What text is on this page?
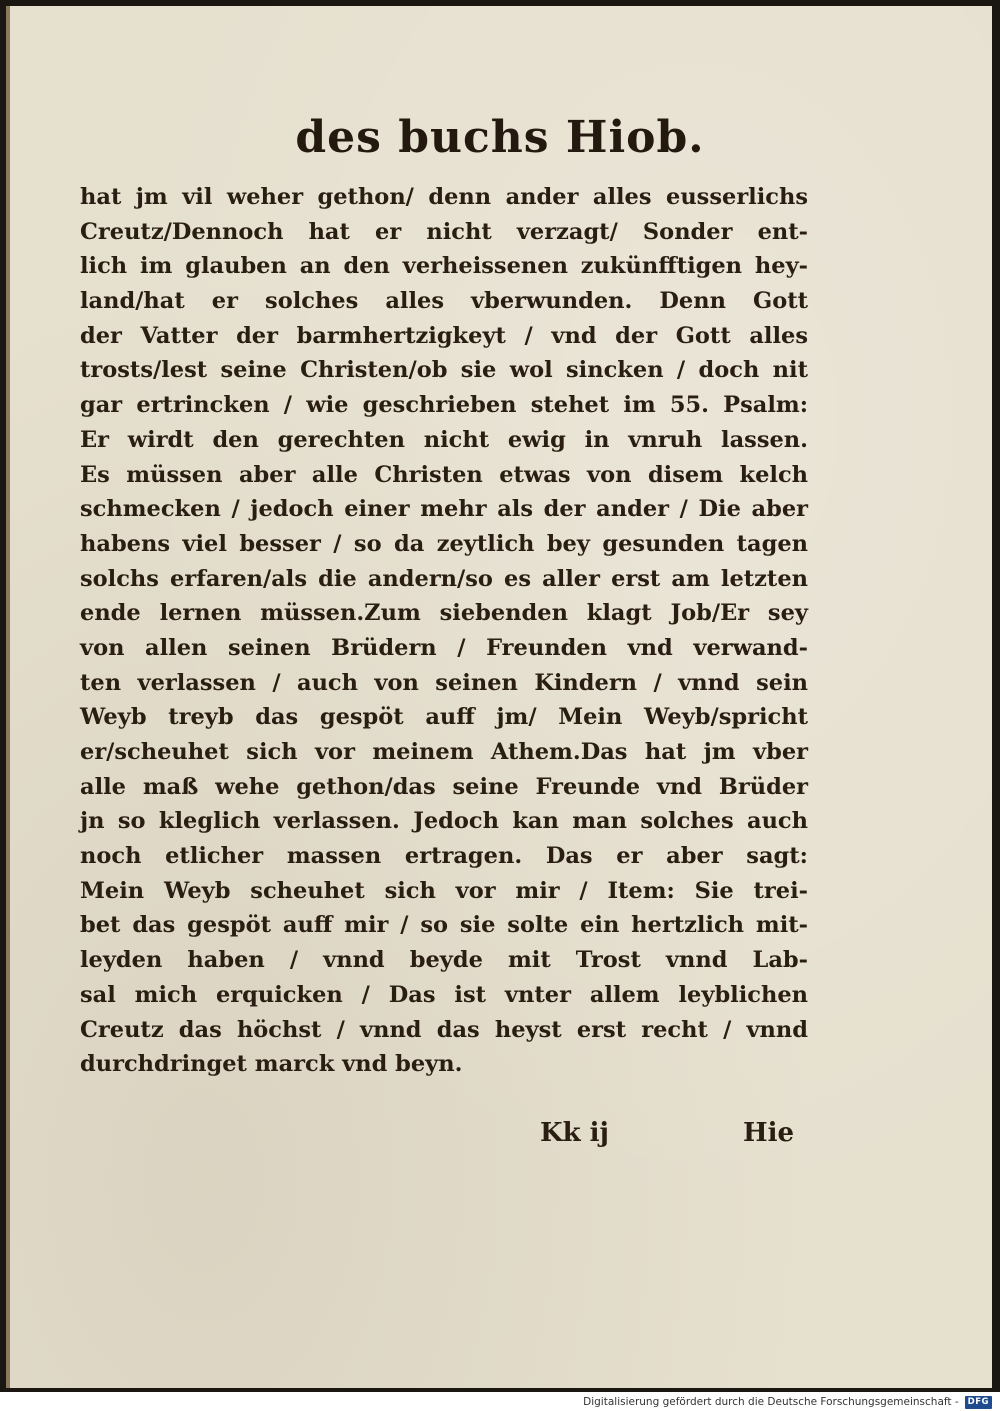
des buchs Hiob.
hat jm vil weher gethon/ denn ander alles eusserlichs
Creutz/Dennoch hat er nicht verzagt/ Sonder ent-
lich im glauben an den verheissenen zukünfftigen hey-
land/hat er solches alles vberwunden. Denn Gott
der Vatter der barmhertzigkeyt / vnd der Gott alles
trosts/lest seine Christen/ob sie wol sincken / doch nit
gar ertrincken / wie geschrieben stehet im 55. Psalm:
Er wirdt den gerechten nicht ewig in vnruh lassen.
Es müssen aber alle Christen etwas von disem kelch
schmecken / jedoch einer mehr als der ander / Die aber
habens viel besser / so da zeytlich bey gesunden tagen
solchs erfaren/als die andern/so es aller erst am letzten
ende lernen müssen.Zum siebenden klagt Job/Er sey
von allen seinen Brüdern / Freunden vnd verwand-
ten verlassen / auch von seinen Kindern / vnnd sein
Weyb treyb das gespöt auff jm/ Mein Weyb/spricht
er/scheuhet sich vor meinem Athem.Das hat jm vber
alle maß wehe gethon/das seine Freunde vnd Brüder
jn so kleglich verlassen. Jedoch kan man solches auch
noch etlicher massen ertragen. Das er aber sagt:
Mein Weyb scheuhet sich vor mir / Item: Sie trei-
bet das gespöt auff mir / so sie solte ein hertzlich mit-
leyden haben / vnnd beyde mit Trost vnnd Lab-
sal mich erquicken / Das ist vnter allem leyblichen
Creutz das höchst / vnnd das heyst erst recht / vnnd
durchdringet marck vnd beyn.
Kk ij	Hie
Digitalisierung gefördert durch die Deutsche Forschungsgemeinschaft -	DFG
